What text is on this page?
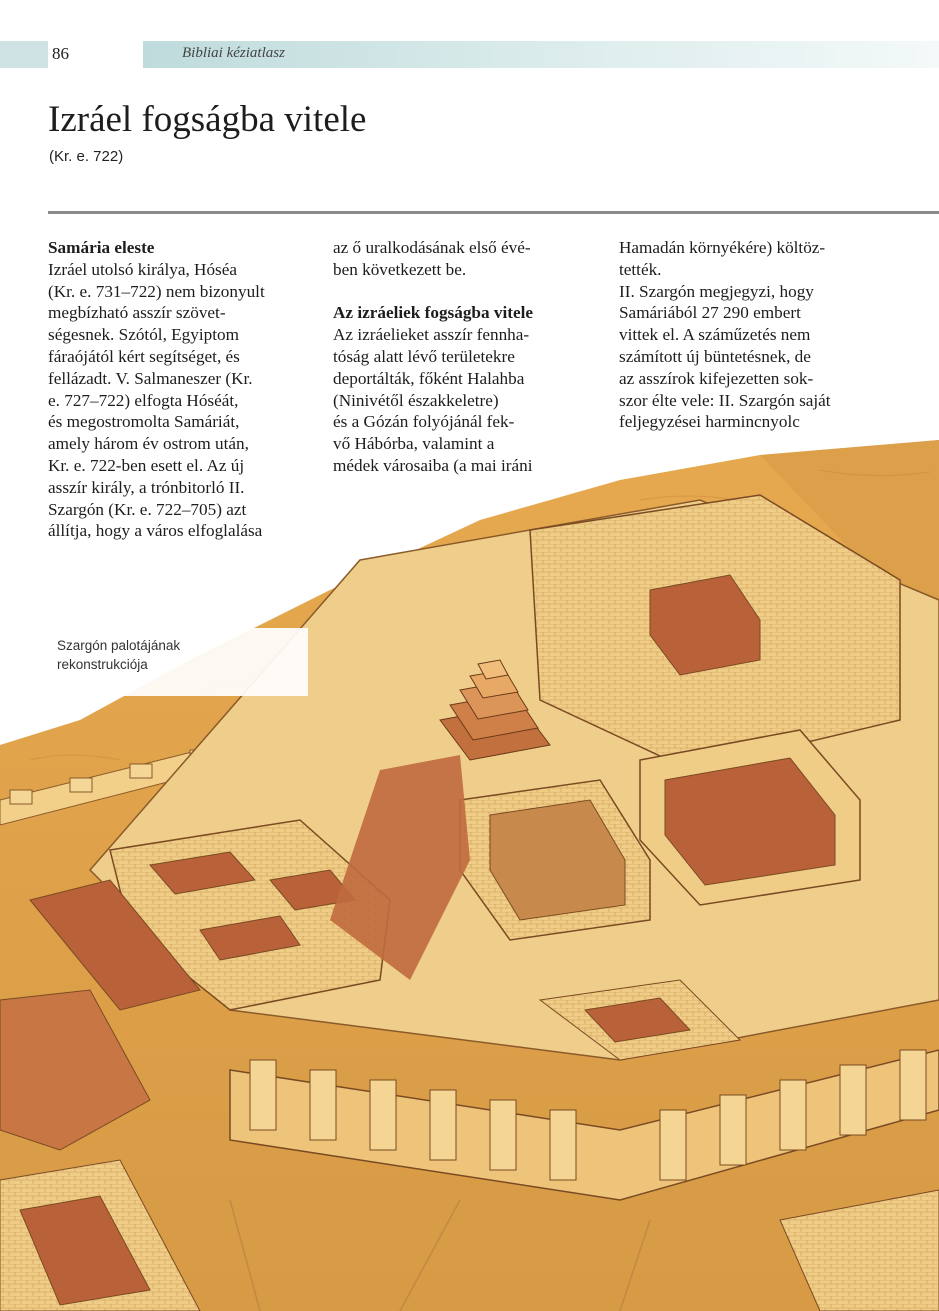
86	Bibliai kéziatlasz
Izráel fogságba vitele
(Kr. e. 722)

Samária eleste

Izráel utolsó királya, Hóséa

(Kr. e. 731–722) nem bizonyult

megbízható asszír szövet-

ségesnek. Szótól, Egyiptom

fáraójától kért segítséget, és

fellázadt. V. Salmaneszer (Kr.

e. 727–722) elfogta Hóséát,

és megostromolta Samáriát,

amely három év ostrom után,

Kr. e. 722-ben esett el. Az új

asszír király, a trónbitorló II.

Szargón (Kr. e. 722–705) azt

állítja, hogy a város elfoglalása

az ő uralkodásának első évé-

ben következett be.

Az izráeliek fogságba vitele

Az izráelieket asszír fennha-

tóság alatt lévő területekre

deportálták, főként Halahba

(Ninivétől északkeletre)

és a Gózán folyójánál fek-

vő Hábórba, valamint a

médek városaiba (a mai iráni

Hamadán környékére) költöz-

tették.

II. Szargón megjegyzi, hogy

Samáriából 27 290 embert

vittek el. A száműzetés nem

számított új büntetésnek, de

az asszírok kifejezetten sok-

szor élte vele: II. Szargón saját

feljegyzései harmincnyolc

Szargón palotájának
rekonstrukciója
